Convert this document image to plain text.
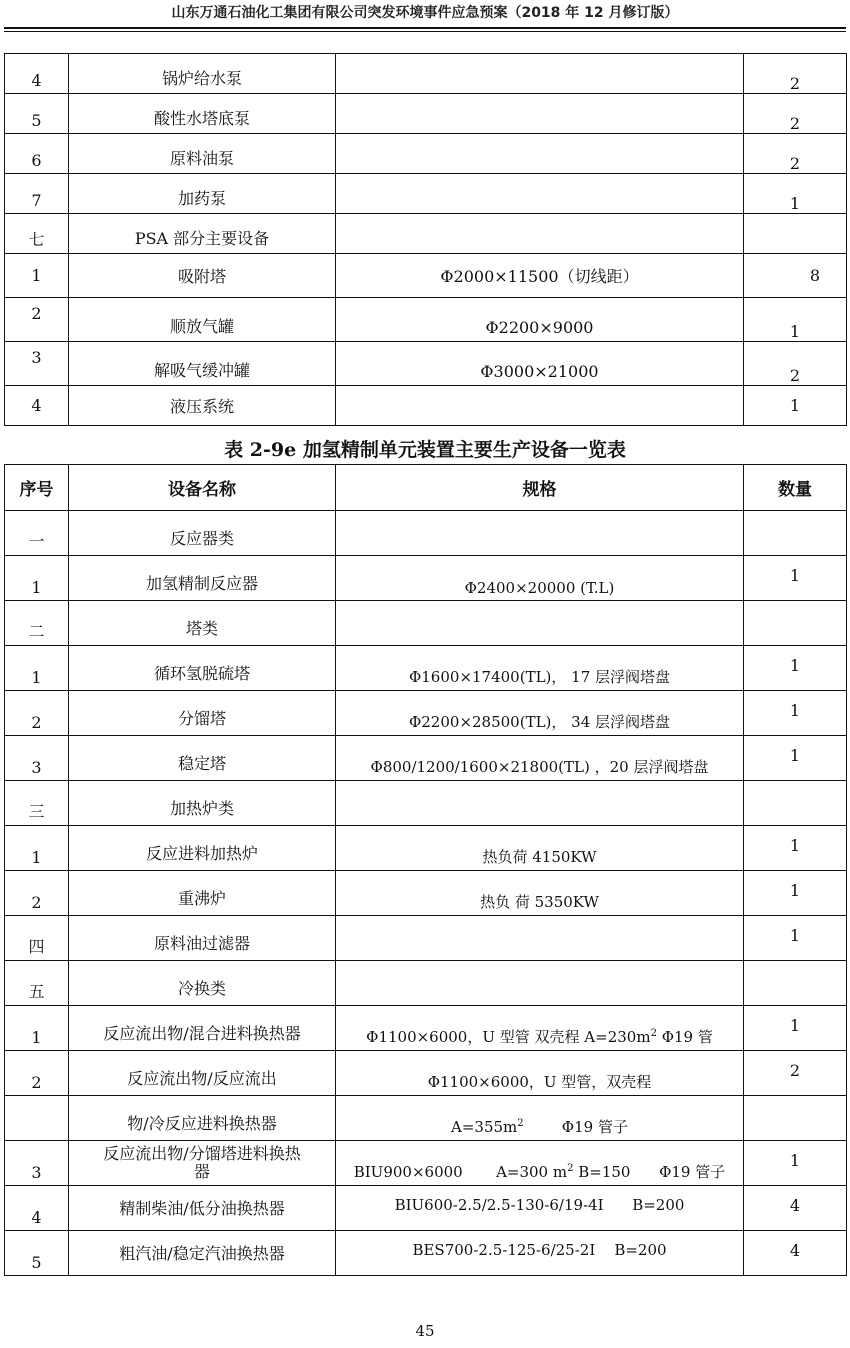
山东万通石油化工集团有限公司突发环境事件应急预案（2018 年 12 月修订版）
4	锅炉给水泵		2
5	酸性水塔底泵		2
6	原料油泵		2
7	加药泵		1
七	PSA 部分主要设备		
1	吸附塔	Φ2000×11500（切线距）	8
2	顺放气罐	Φ2200×9000	1
3	解吸气缓冲罐	Φ3000×21000	2
4	液压系统		1
表 2-9e 加氢精制单元装置主要生产设备一览表
序号	设备名称	规格	数量
一	反应器类		
1	加氢精制反应器	Φ2400×20000 (T.L)	1
二	塔类		
1	循环氢脱硫塔	Φ1600×17400(TL)， 17 层浮阀塔盘	1
2	分馏塔	Φ2200×28500(TL)， 34 层浮阀塔盘	1
3	稳定塔	Φ800/1200/1600×21800(TL) ，20 层浮阀塔盘	1
三	加热炉类		
1	反应进料加热炉	热负荷 4150KW	1
2	重沸炉	热负 荷 5350KW	1
四	原料油过滤器		1
五	冷换类		
1	反应流出物/混合进料换热器	Φ1100×6000，U 型管 双壳程 $A=230m^2$ Φ19 管	1
2	反应流出物/反应流出	Φ1100×6000，U 型管，双壳程	2
	物/冷反应进料换热器	$A=355m^2$        Φ19 管子	
3	反应流出物/分馏塔进料换热器	BIU900×6000       A=300 $m^2$ B=150      Φ19 管子	1
4	精制柴油/低分油换热器	BIU600-2.5/2.5-130-6/19-4I      B=200	4
5	粗汽油/稳定汽油换热器	BES700-2.5-125-6/25-2I    B=200	4
45
